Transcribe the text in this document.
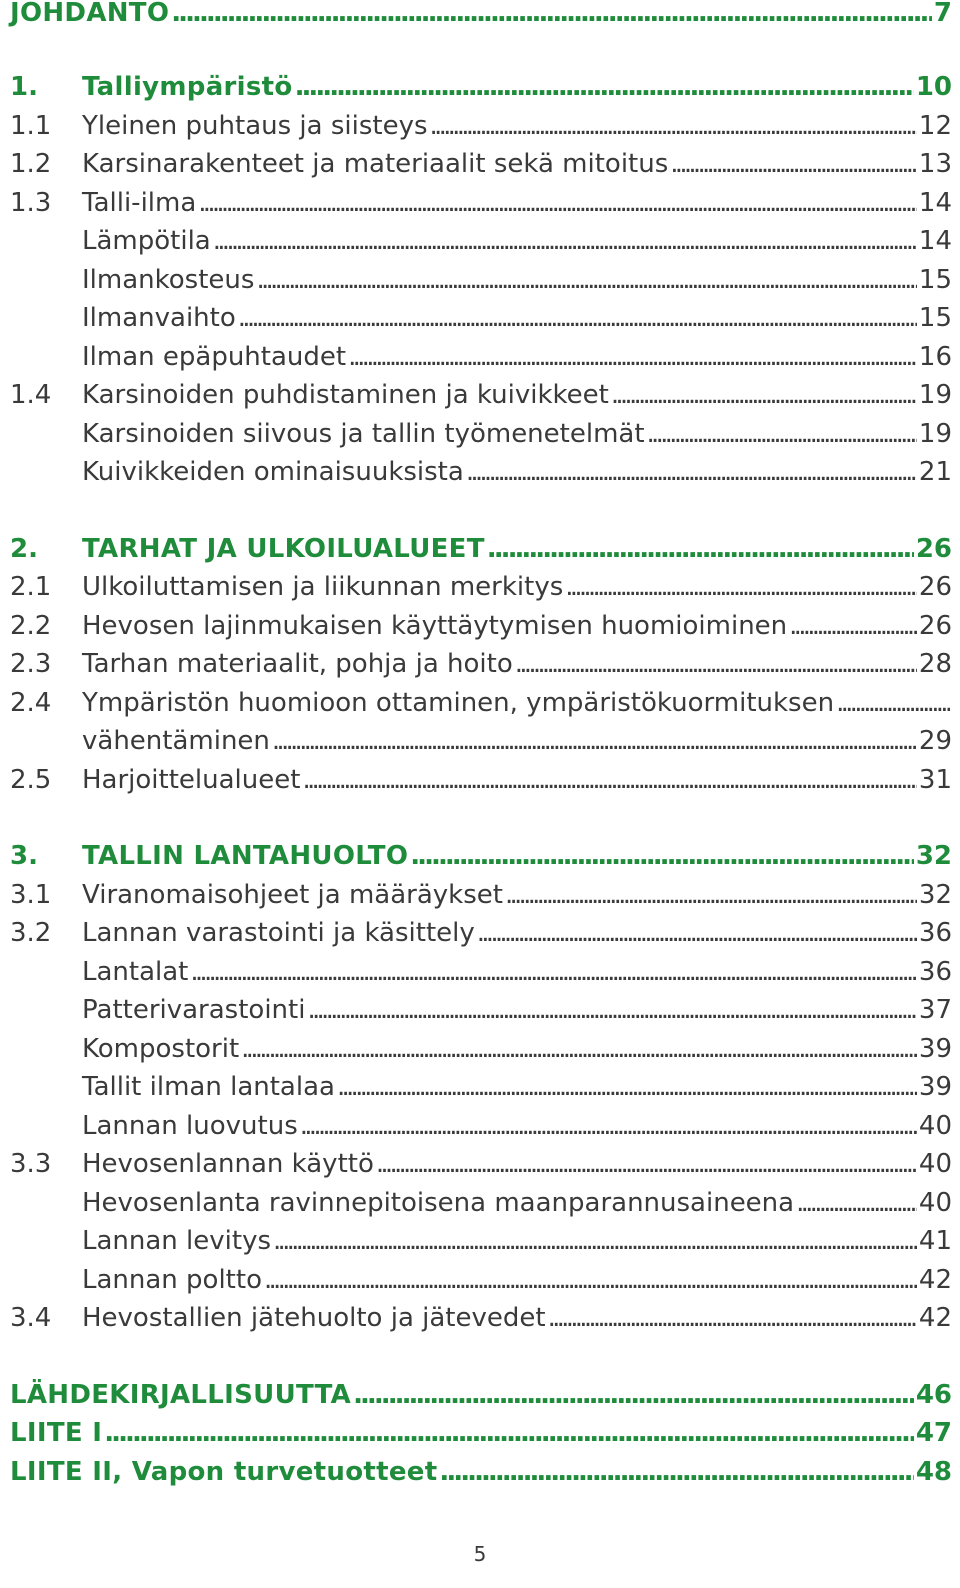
JOHDANTO . . .	7
1.	Talliympäristö . . .	10
1.1	Yleinen puhtaus ja siisteys . . .	12
1.2	Karsinarakenteet ja materiaalit sekä mitoitus . . .	13
1.3	Talli-ilma . . .	14
Lämpötila . . .	14
Ilmankosteus . . .	15
Ilmanvaihto . . .	15
Ilman epäpuhtaudet . . .	16
1.4	Karsinoiden puhdistaminen ja kuivikkeet . . .	19
Karsinoiden siivous ja tallin työmenetelmät . . .	19
Kuivikkeiden ominaisuuksista . . .	21
2.	TARHAT JA ULKOILUALUEET . . .	26
2.1	Ulkoiluttamisen ja liikunnan merkitys . . .	26
2.2	Hevosen lajinmukaisen käyttäytymisen huomioiminen . . .	26
2.3	Tarhan materiaalit, pohja ja hoito . . .	28
2.4	Ympäristön huomioon ottaminen, ympäristökuormituksen
. . .
vähentäminen . . .	29
2.5	Harjoittelualueet . . .	31
3.	TALLIN LANTAHUOLTO . . .	32
3.1	Viranomaisohjeet ja määräykset . . .	32
3.2	Lannan varastointi ja käsittely . . .	36
Lantalat . . .	36
Patterivarastointi . . .	37
Kompostorit . . .	39
Tallit ilman lantalaa . . .	39
Lannan luovutus . . .	40
3.3	Hevosenlannan käyttö . . .	40
Hevosenlanta ravinnepitoisena maanparannusaineena . . .	40
Lannan levitys . . .	41
Lannan poltto . . .	42
3.4	Hevostallien jätehuolto ja jätevedet . . .	42
LÄHDEKIRJALLISUUTTA . . .	46
LIITE I . . .	47
LIITE II, Vapon turvetuotteet . . .	48
5
